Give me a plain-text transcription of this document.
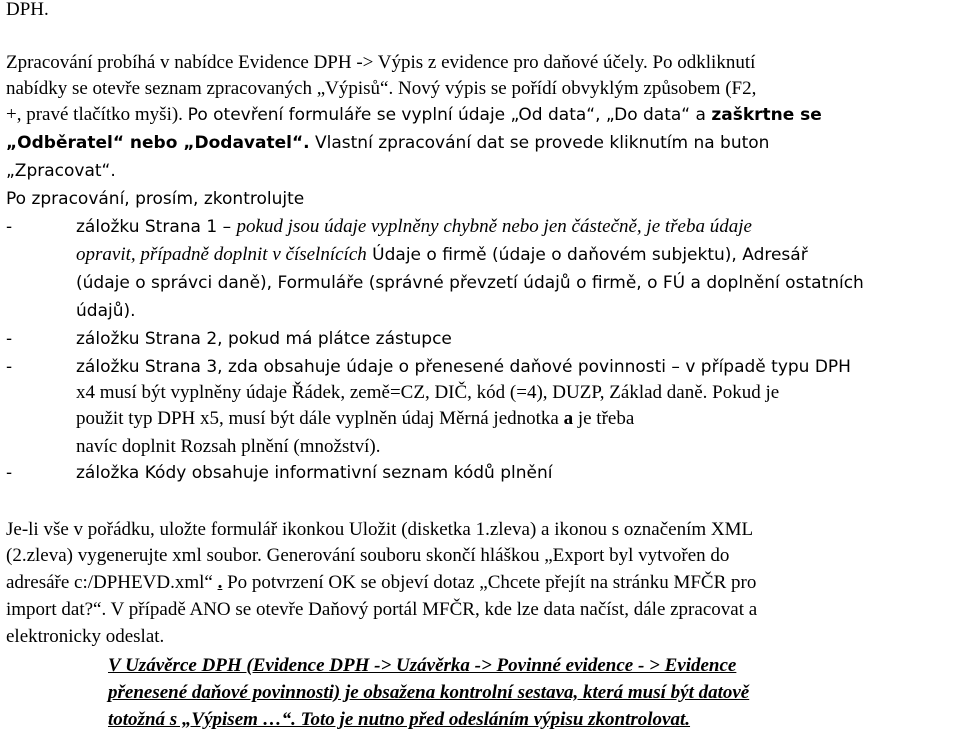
DPH.
Zpracování probíhá v nabídce Evidence DPH -> Výpis z evidence pro daňové účely. Po odkliknutí
nabídky se otevře seznam zpracovaných „Výpisů“. Nový výpis se pořídí obvyklým způsobem (F2,
+, pravé tlačítko myši). Po otevření formuláře se vyplní údaje „Od data“, „Do data“ a zaškrtne se
„Odběratel“ nebo „Dodavatel“. Vlastní zpracování dat se provede kliknutím na buton
„Zpracovat“.
Po zpracování, prosím, zkontrolujte
-	záložku Strana 1 – pokud jsou údaje vyplněny chybně nebo jen částečně, je třeba údaje
opravit, případně doplnit v číselnících Údaje o firmě (údaje o daňovém subjektu), Adresář
(údaje o správci daně), Formuláře (správné převzetí údajů o firmě, o FÚ a doplnění ostatních
údajů).
-	záložku Strana 2, pokud má plátce zástupce
-	záložku Strana 3, zda obsahuje údaje o přenesené daňové povinnosti – v případě typu DPH
x4 musí být vyplněny údaje Řádek, země=CZ, DIČ, kód (=4), DUZP, Základ daně. Pokud je
použit typ DPH x5, musí být dále vyplněn údaj Měrná jednotka a je třeba
navíc doplnit Rozsah plnění (množství).
-	záložka Kódy obsahuje informativní seznam kódů plnění
Je-li vše v pořádku, uložte formulář ikonkou Uložit (disketka 1.zleva) a ikonou s označením XML
(2.zleva) vygenerujte xml soubor. Generování souboru skončí hláškou „Export byl vytvořen do
adresáře c:/DPHEVD.xml“ . Po potvrzení OK se objeví dotaz „Chcete přejít na stránku MFČR pro
import dat?“. V případě ANO se otevře Daňový portál MFČR, kde lze data načíst, dále zpracovat a
elektronicky odeslat.
V Uzávěrce DPH (Evidence DPH -> Uzávěrka -> Povinné evidence - > Evidence
přenesené daňové povinnosti) je obsažena kontrolní sestava, která musí být datově
totožná s „Výpisem …“. Toto je nutno před odesláním výpisu zkontrolovat.
